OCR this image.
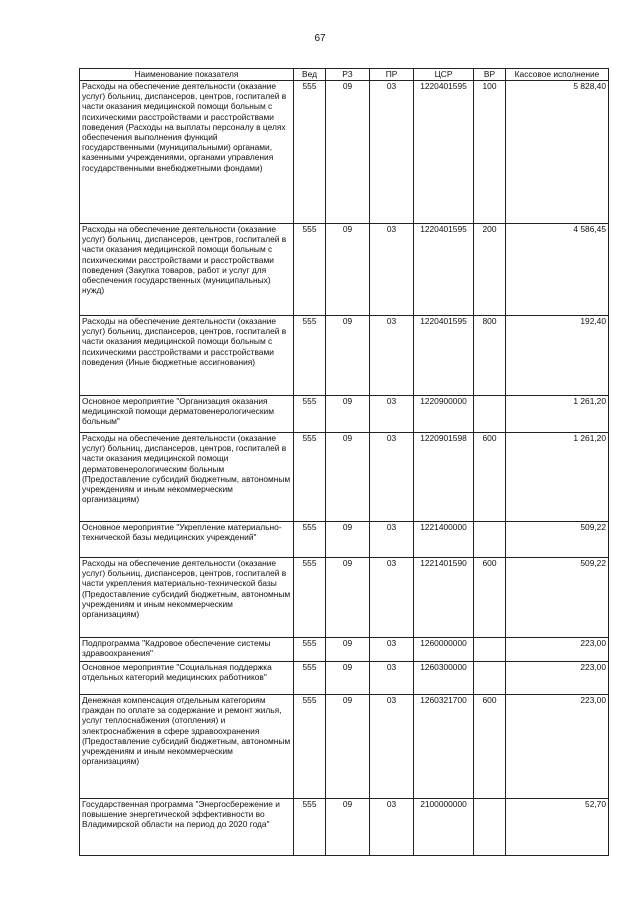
67
Наименование показателя	Вед	РЗ	ПР	ЦСР	ВР	Кассовое исполнение
Расходы на обеспечение деятельности (оказание услуг) больниц, диспансеров, центров, госпиталей в части оказания медицинской помощи больным с психическими расстройствами и расстройствами поведения (Расходы на выплаты персоналу в целях обеспечения выполнения функций государственными (муниципальными) органами, казенными учреждениями, органами управления государственными внебюджетными фондами)	555	09	03	1220401595	100	5 828,40
Расходы на обеспечение деятельности (оказание услуг) больниц, диспансеров, центров, госпиталей в части оказания медицинской помощи больным с психическими расстройствами и расстройствами поведения (Закупка товаров, работ и услуг для обеспечения государственных (муниципальных) нужд)	555	09	03	1220401595	200	4 586,45
Расходы на обеспечение деятельности (оказание услуг) больниц, диспансеров, центров, госпиталей в части оказания медицинской помощи больным с психическими расстройствами и расстройствами поведения (Иные бюджетные ассигнования)	555	09	03	1220401595	800	192,40
Основное мероприятие "Организация оказания медицинской помощи дерматовенерологическим больным"	555	09	03	1220900000		1 261,20
Расходы на обеспечение деятельности (оказание услуг) больниц, диспансеров, центров, госпиталей в части оказания медицинской помощи дерматовенерологическим больным (Предоставление субсидий бюджетным, автономным учреждениям и иным некоммерческим организациям)	555	09	03	1220901598	600	1 261,20
Основное мероприятие "Укрепление материально-технической базы медицинских учреждений"	555	09	03	1221400000		509,22
Расходы на обеспечение деятельности (оказание услуг) больниц, диспансеров, центров, госпиталей в части укрепления материально-технической базы (Предоставление субсидий бюджетным, автономным учреждениям и иным некоммерческим организациям)	555	09	03	1221401590	600	509,22
Подпрограмма "Кадровое обеспечение системы здравоохранения"	555	09	03	1260000000		223,00
Основное мероприятие "Социальная поддержка отдельных категорий медицинских работников"	555	09	03	1260300000		223,00
Денежная компенсация отдельным категориям граждан по оплате за содержание и ремонт жилья, услуг теплоснабжения (отопления) и электроснабжения в сфере здравоохранения (Предоставление субсидий бюджетным, автономным учреждениям и иным некоммерческим организациям)	555	09	03	1260321700	600	223,00
Государственная программа "Энергосбережение и повышение энергетической эффективности во Владимирской области на период до 2020 года"	555	09	03	2100000000		52,70
